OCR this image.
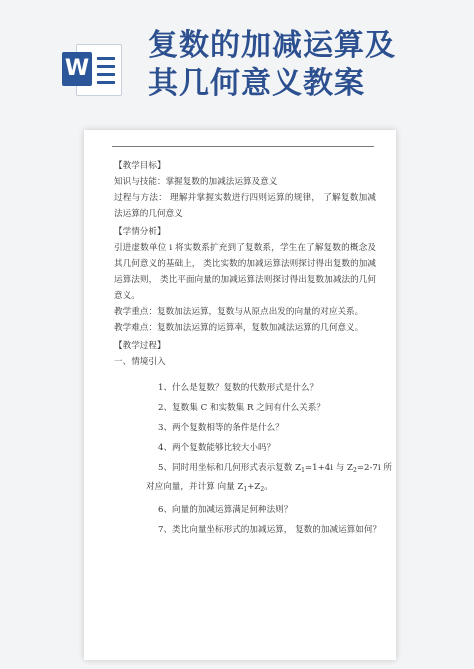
W
复数的加减运算及
其几何意义教案

【教学目标】

知识与技能：掌握复数的加减法运算及意义

过程与方法： 理解并掌握实数进行四则运算的规律， 了解复数加减法运算的几何意义

【学情分析】

引进虚数单位 i 将实数系扩充到了复数系，学生在了解复数的概念及其几何意义的基础上， 类比实数的加减运算法则探讨得出复数的加减运算法则， 类比平面向量的加减运算法则探讨得出复数加减法的几何意义。

教学重点：复数加法运算，复数与从原点出发的向量的对应关系。

教学难点：复数加法运算的运算率，复数加减法运算的几何意义。

【教学过程】

一、情境引入

1、什么是复数？复数的代数形式是什么？

2、复数集 C 和实数集 R 之间有什么关系？

3、两个复数相等的条件是什么？

4、两个复数能够比较大小吗？

5、同时用坐标和几何形式表示复数 $Z_1=1+4i$ 与 $Z_2=2-7i$ 所

对应向量，并计算 向量 $Z_1+Z_2$。

6、向量的加减运算满足何种法则？

7、类比向量坐标形式的加减运算， 复数的加减运算如何？
